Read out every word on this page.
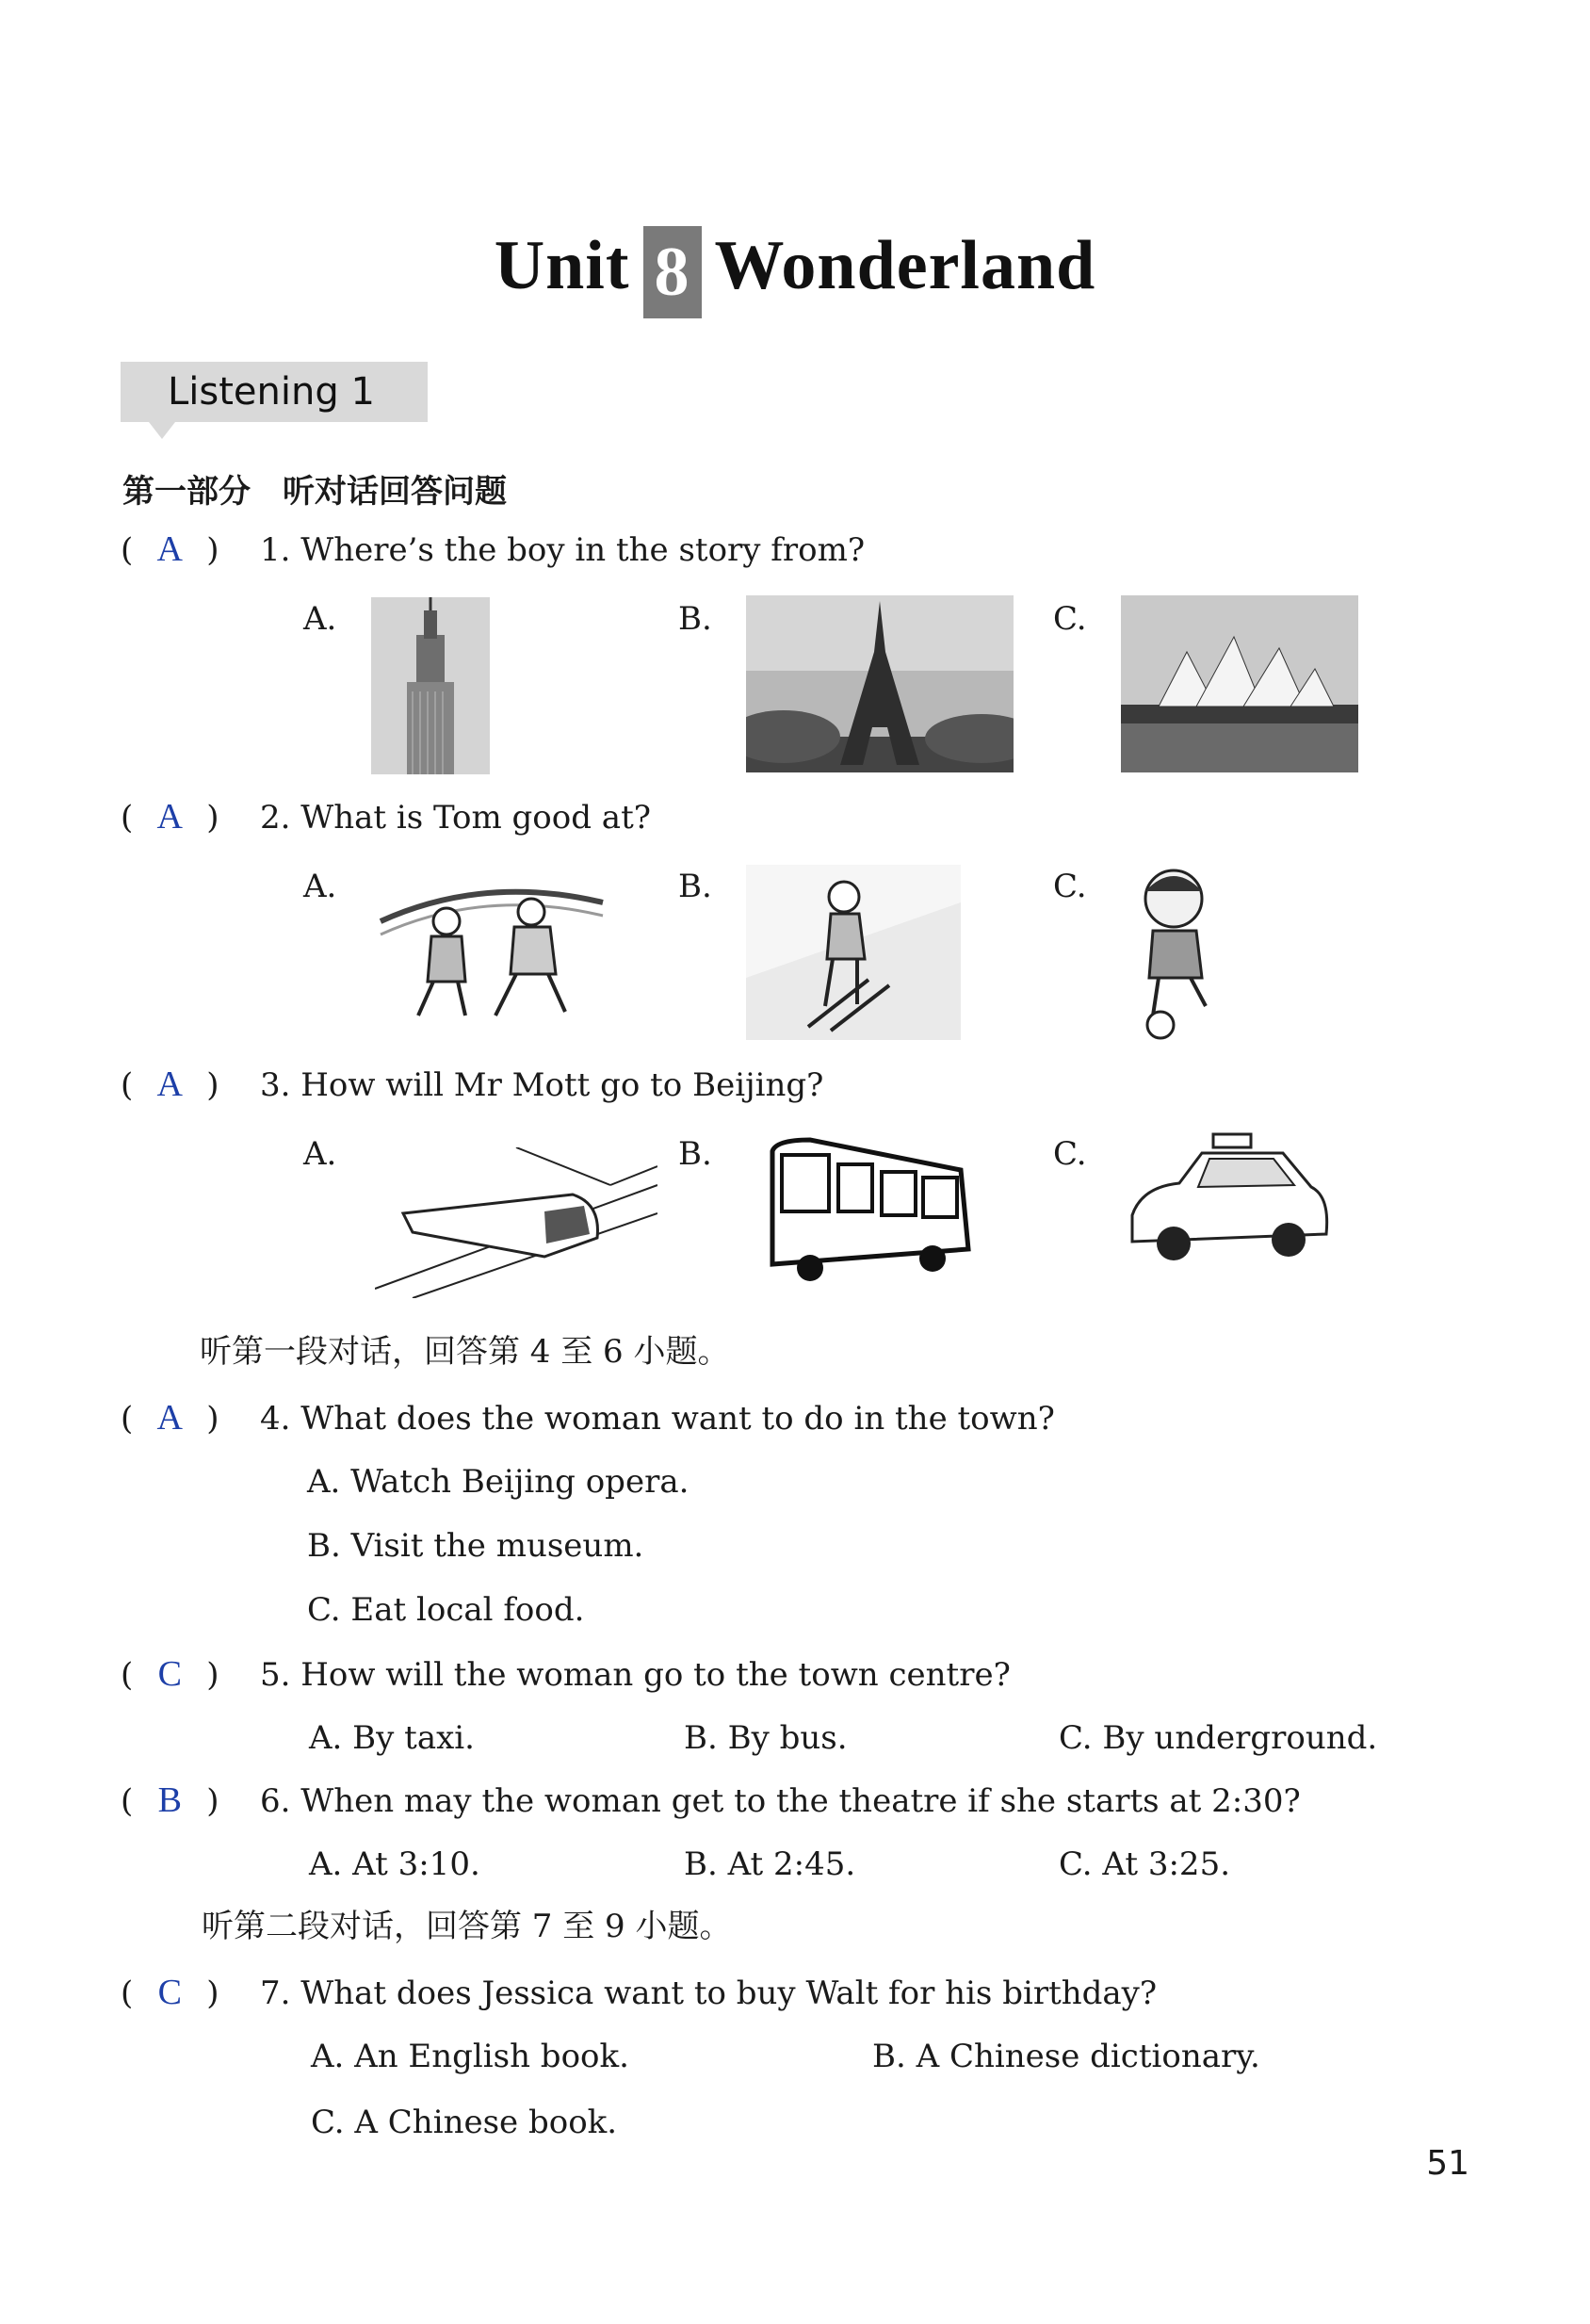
Unit 8 Wonderland
Listening 1
第一部分　听对话回答问题
( A ) 1. Where’s the boy in the story from?
A.	B.	C.
( A ) 2. What is Tom good at?
A.	B.	C.
( A ) 3. How will Mr Mott go to Beijing?
A.	B.	C.
听第一段对话，回答第 4 至 6 小题。
( A ) 4. What does the woman want to do in the town?
A. Watch Beijing opera.
B. Visit the museum.
C. Eat local food.
( C ) 5. How will the woman go to the town centre?
A. By taxi.	B. By bus.	C. By underground.
( B ) 6. When may the woman get to the theatre if she starts at 2:30?
A. At 3:10.	B. At 2:45.	C. At 3:25.
听第二段对话，回答第 7 至 9 小题。
( C ) 7. What does Jessica want to buy Walt for his birthday?
A. An English book.	B. A Chinese dictionary.
C. A Chinese book.
51
